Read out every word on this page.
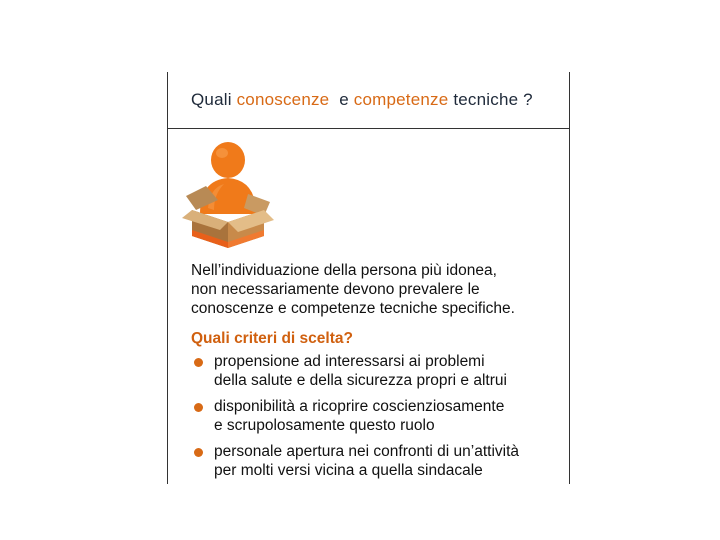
Quali conoscenze  e competenze tecniche ?
Nell’individuazione della persona più idonea,
non necessariamente devono prevalere le
conoscenze e competenze tecniche specifiche.
Quali criteri di scelta?
propensione ad interessarsi ai problemi
della salute e della sicurezza propri e altrui
disponibilità a ricoprire coscienziosamente
e scrupolosamente questo ruolo
personale apertura nei confronti di un’attività
per molti versi vicina a quella sindacale
